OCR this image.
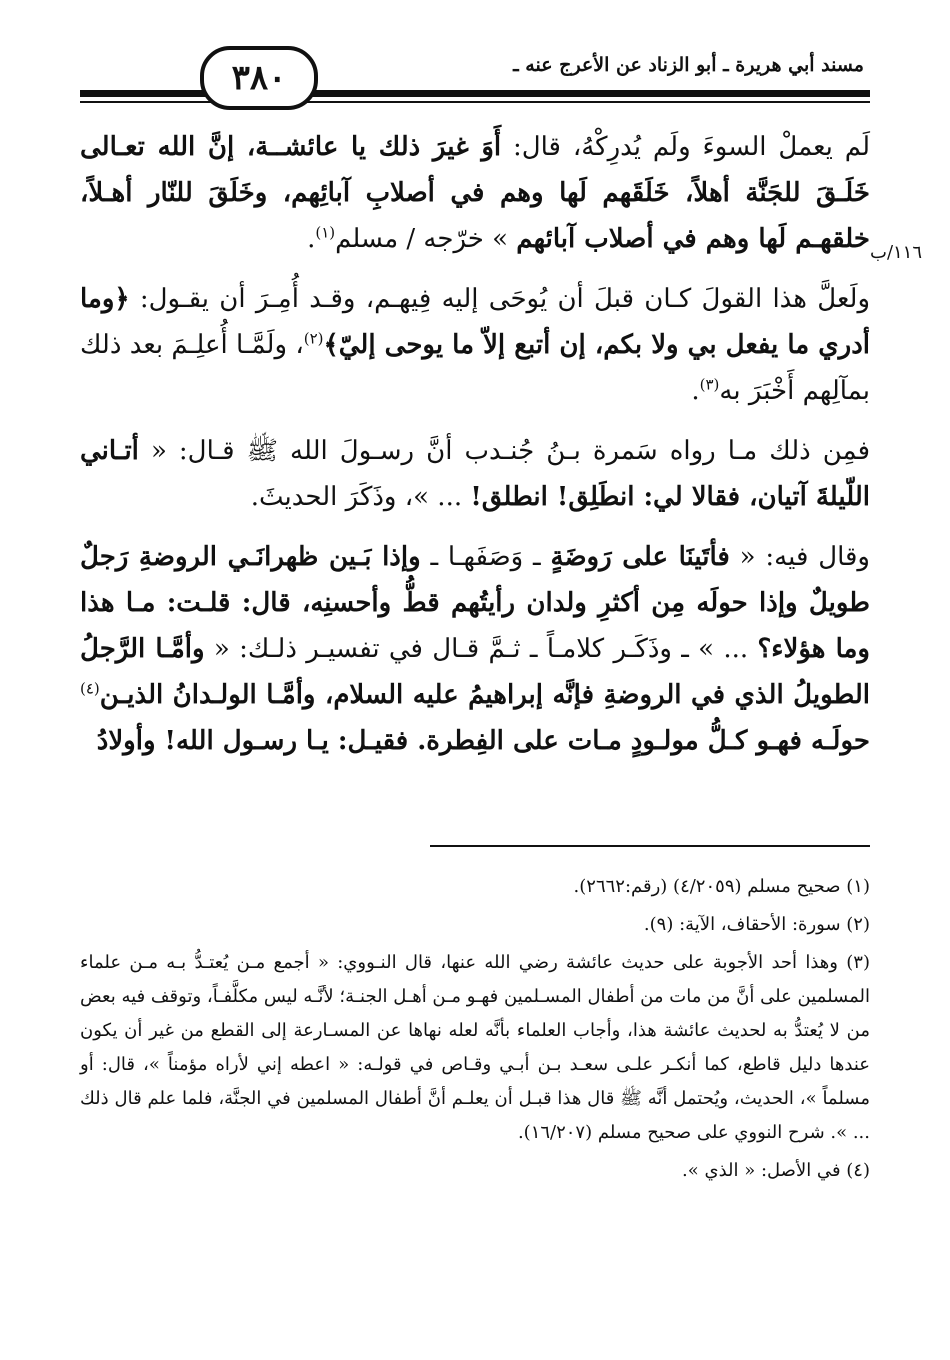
مسند أبي هريرة ـ أبو الزناد عن الأعرج عنه ـ
٣٨٠
١١٦/ب

لَم يعملْ السوءَ ولَم يُدرِكْهُ، قال: أَوَ غيرَ ذلك يا عائشــة، إنَّ الله تعـالى خَلَـقَ للجَنَّة أهلاً، خَلَقَهم لَها وهم في أصلابِ آبائِهم، وخَلَقَ للنّار أهـلاً، خلقهـم لَها وهم في أصلاب آبائهم » خرّجه / مسلم$^{(١)}$.

ولَعلَّ هذا القولَ كـان قبلَ أن يُوحَى إليه فِيهـم، وقـد أُمِـرَ أن يقـول: ﴿وما أدري ما يفعل بي ولا بكم، إن أتبع إلاّ ما يوحى إليّ﴾$^{(٢)}$، ولَمَّـا أُعلِـمَ بعد ذلك بمآلِهم أَخْبَرَ به$^{(٣)}$.

فمِن ذلك مـا رواه سَمرة بـنُ جُنـدب أنَّ رسـولَ الله ﷺ قـال: « أتـاني اللّيلةَ آتيان، فقالا لي: انطَلِق! انطلق! ... »، وذَكَرَ الحديثَ.

وقال فيه: « فأتَينَا على رَوضَةٍ ـ وَصَفَهـا ـ وإذا بَـين ظهرانَـي الروضةِ رَجلٌ طويلٌ وإذا حولَه مِن أكثرِ ولدان رأيتُهم قطُّ وأحسنِه، قال: قلـت: مـا هذا وما هؤلاء؟ ... » ـ وذَكَـر كلامـاً ـ ثـمَّ قـال في تفسيـر ذلـك: « وأمَّـا الرَّجلُ الطويلُ الذي في الروضةِ فإنَّه إبراهيمُ عليه السلام، وأمَّـا الولـدانُ الذيـن$^{(٤)}$ حولَـه فهـو كـلُّ مولـودٍ مـات على الفِطرة. فقيـل: يـا رسـول الله! وأولادُ

(١) صحيح مسلم (٤/٢٠٥٩) (رقم:٢٦٦٢).

(٢) سورة: الأحقاف، الآية: (٩).

(٣) وهذا أحد الأجوبة على حديث عائشة رضي الله عنها، قال النـووي: « أجمع مـن يُعتـدُّ بـه مـن علماء المسلمين على أنَّ من مات من أطفال المسـلمين فهـو مـن أهـل الجنـة؛ لأنَّـه ليس مكلَّفـاً، وتوقف فيه بعض من لا يُعتدُّ به لحديث عائشة هذا، وأجاب العلماء بأنَّه لعله نهاها عن المسـارعة إلى القطع من غير أن يكون عندها دليل قاطع، كما أنكـر علـى سعـد بـن أبـي وقـاص في قولـه: « اعطه إني لأراه مؤمناً »، قال: أو مسلماً »، الحديث، ويُحتمل أنَّه ﷺ قال هذا قبـل أن يعلـم أنَّ أطفال المسلمين في الجنَّة، فلما علم قال ذلك ... ». شرح النووي على صحيح مسلم (١٦/٢٠٧).

(٤) في الأصل: « الذي ».
